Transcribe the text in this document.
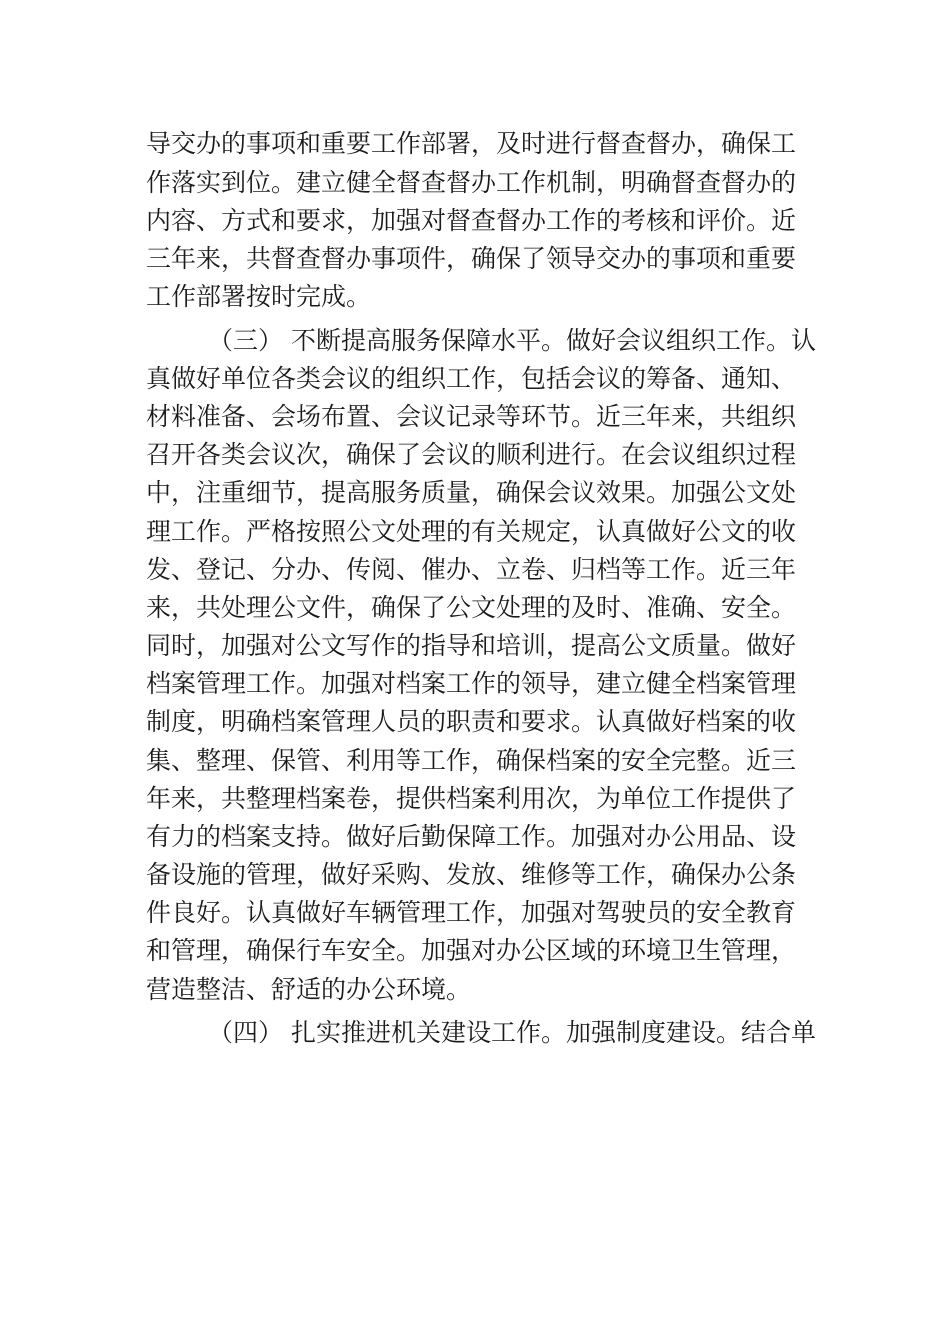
导交办的事项和重要工作部署，及时进行督查督办，确保工
作落实到位。建立健全督查督办工作机制，明确督查督办的
内容、方式和要求，加强对督查督办工作的考核和评价。近
三年来，共督查督办事项件，确保了领导交办的事项和重要
工作部署按时完成。
（三） 不断提高服务保障水平。做好会议组织工作。认
真做好单位各类会议的组织工作，包括会议的筹备、通知、
材料准备、会场布置、会议记录等环节。近三年来，共组织
召开各类会议次，确保了会议的顺利进行。在会议组织过程
中，注重细节，提高服务质量，确保会议效果。加强公文处
理工作。严格按照公文处理的有关规定，认真做好公文的收
发、登记、分办、传阅、催办、立卷、归档等工作。近三年
来，共处理公文件，确保了公文处理的及时、准确、安全。
同时，加强对公文写作的指导和培训，提高公文质量。做好
档案管理工作。加强对档案工作的领导，建立健全档案管理
制度，明确档案管理人员的职责和要求。认真做好档案的收
集、整理、保管、利用等工作，确保档案的安全完整。近三
年来，共整理档案卷，提供档案利用次，为单位工作提供了
有力的档案支持。做好后勤保障工作。加强对办公用品、设
备设施的管理，做好采购、发放、维修等工作，确保办公条
件良好。认真做好车辆管理工作，加强对驾驶员的安全教育
和管理，确保行车安全。加强对办公区域的环境卫生管理，
营造整洁、舒适的办公环境。
（四） 扎实推进机关建设工作。加强制度建设。结合单
